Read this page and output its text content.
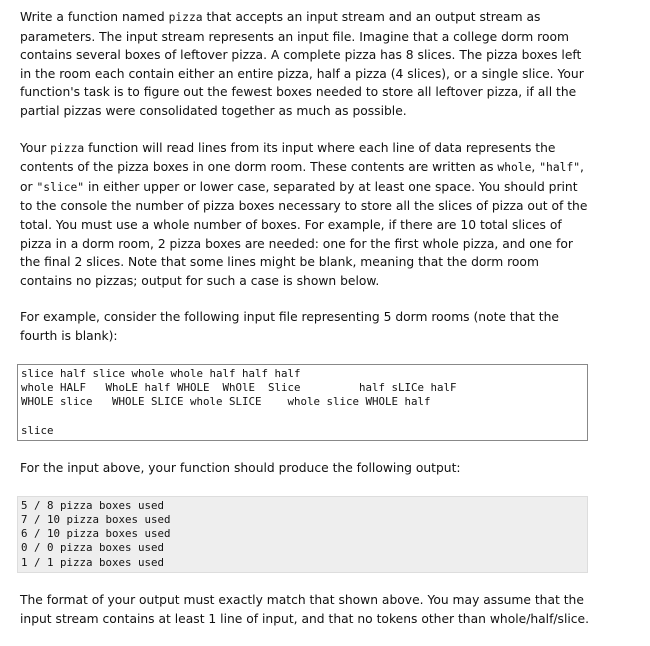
Write a function named pizza that accepts an input stream and an output stream as parameters. The input stream represents an input file. Imagine that a college dorm room contains several boxes of leftover pizza. A complete pizza has 8 slices. The pizza boxes left in the room each contain either an entire pizza, half a pizza (4 slices), or a single slice. Your function's task is to figure out the fewest boxes needed to store all leftover pizza, if all the partial pizzas were consolidated together as much as possible.

Your pizza function will read lines from its input where each line of data represents the contents of the pizza boxes in one dorm room. These contents are written as whole, "half", or "slice" in either upper or lower case, separated by at least one space. You should print to the console the number of pizza boxes necessary to store all the slices of pizza out of the total. You must use a whole number of boxes. For example, if there are 10 total slices of pizza in a dorm room, 2 pizza boxes are needed: one for the first whole pizza, and one for the final 2 slices. Note that some lines might be blank, meaning that the dorm room contains no pizzas; output for such a case is shown below.

For example, consider the following input file representing 5 dorm rooms (note that the fourth is blank):

slice half slice whole whole half half half
whole HALF   WhoLE half WHOLE  WhOlE  Slice         half sLICe halF
WHOLE slice   WHOLE SLICE whole SLICE    whole slice WHOLE half

slice

For the input above, your function should produce the following output:

5 / 8 pizza boxes used
7 / 10 pizza boxes used
6 / 10 pizza boxes used
0 / 0 pizza boxes used
1 / 1 pizza boxes used

The format of your output must exactly match that shown above. You may assume that the input stream contains at least 1 line of input, and that no tokens other than whole/half/slice.
